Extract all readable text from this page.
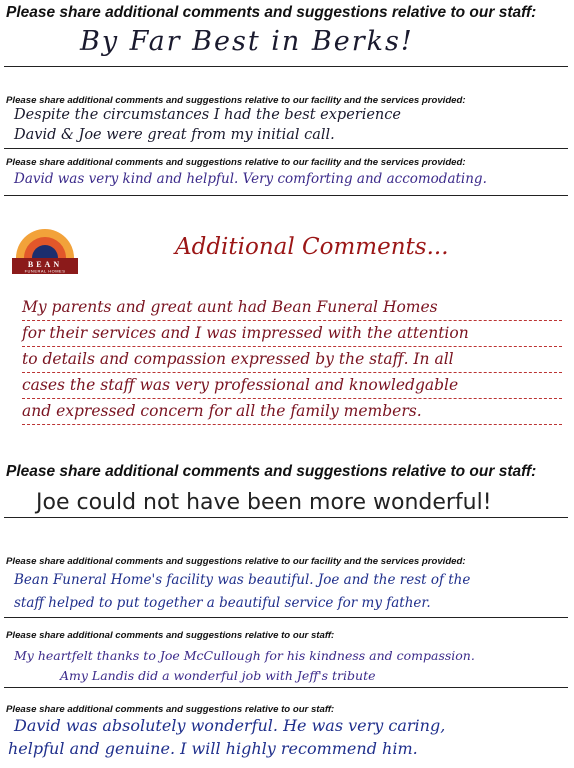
Please share additional comments and suggestions relative to our staff:
By Far Best in Berks!
Please share additional comments and suggestions relative to our facility and the services provided:
Despite the circumstances I had the best experience
David & Joe were great from my initial call.
Please share additional comments and suggestions relative to our facility and the services provided:
David was very kind and helpful. Very comforting and accomodating.
BEAN
FUNERAL HOMES
Additional Comments...
My parents and great aunt had Bean Funeral Homes
for their services and I was impressed with the attention
to details and compassion expressed by the staff. In all
cases the staff was very professional and knowledgable
and expressed concern for all the family members.
Please share additional comments and suggestions relative to our staff:
Joe could not have been more wonderful!
Please share additional comments and suggestions relative to our facility and the services provided:
Bean Funeral Home's facility was beautiful. Joe and the rest of the
staff helped to put together a beautiful service for my father.
Please share additional comments and suggestions relative to our staff:
My heartfelt thanks to Joe McCullough for his kindness and compassion.
Amy Landis did a wonderful job with Jeff's tribute
Please share additional comments and suggestions relative to our staff:
David was absolutely wonderful. He was very caring,
helpful and genuine. I will highly recommend him.
